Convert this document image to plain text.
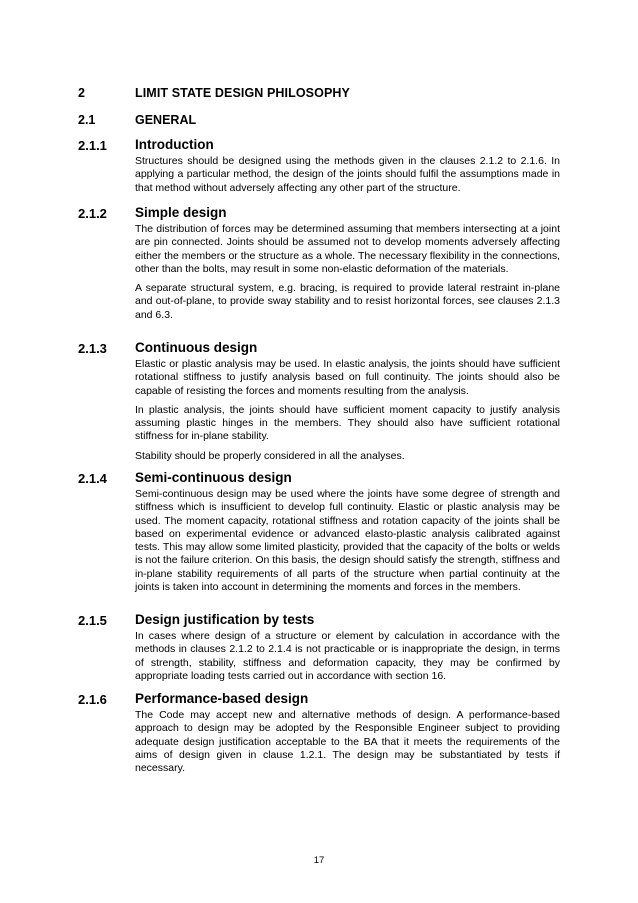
2	LIMIT STATE DESIGN PHILOSOPHY
2.1	GENERAL
2.1.1 Introduction

Structures should be designed using the methods given in the clauses 2.1.2 to 2.1.6. In applying a particular method, the design of the joints should fulfil the assumptions made in that method without adversely affecting any other part of the structure.

2.1.2 Simple design

The distribution of forces may be determined assuming that members intersecting at a joint are pin connected. Joints should be assumed not to develop moments adversely affecting either the members or the structure as a whole. The necessary flexibility in the connections, other than the bolts, may result in some non-elastic deformation of the materials.

A separate structural system, e.g. bracing, is required to provide lateral restraint in-plane and out-of-plane, to provide sway stability and to resist horizontal forces, see clauses 2.1.3 and 6.3.

2.1.3 Continuous design

Elastic or plastic analysis may be used. In elastic analysis, the joints should have sufficient rotational stiffness to justify analysis based on full continuity. The joints should also be capable of resisting the forces and moments resulting from the analysis.

In plastic analysis, the joints should have sufficient moment capacity to justify analysis assuming plastic hinges in the members. They should also have sufficient rotational stiffness for in-plane stability.

Stability should be properly considered in all the analyses.

2.1.4 Semi-continuous design

Semi-continuous design may be used where the joints have some degree of strength and stiffness which is insufficient to develop full continuity. Elastic or plastic analysis may be used. The moment capacity, rotational stiffness and rotation capacity of the joints shall be based on experimental evidence or advanced elasto-plastic analysis calibrated against tests. This may allow some limited plasticity, provided that the capacity of the bolts or welds is not the failure criterion. On this basis, the design should satisfy the strength, stiffness and in-plane stability requirements of all parts of the structure when partial continuity at the joints is taken into account in determining the moments and forces in the members.

2.1.5 Design justification by tests

In cases where design of a structure or element by calculation in accordance with the methods in clauses 2.1.2 to 2.1.4 is not practicable or is inappropriate the design, in terms of strength, stability, stiffness and deformation capacity, they may be confirmed by appropriate loading tests carried out in accordance with section 16.

2.1.6 Performance-based design

The Code may accept new and alternative methods of design. A performance-based approach to design may be adopted by the Responsible Engineer subject to providing adequate design justification acceptable to the BA that it meets the requirements of the aims of design given in clause 1.2.1. The design may be substantiated by tests if necessary.

17
